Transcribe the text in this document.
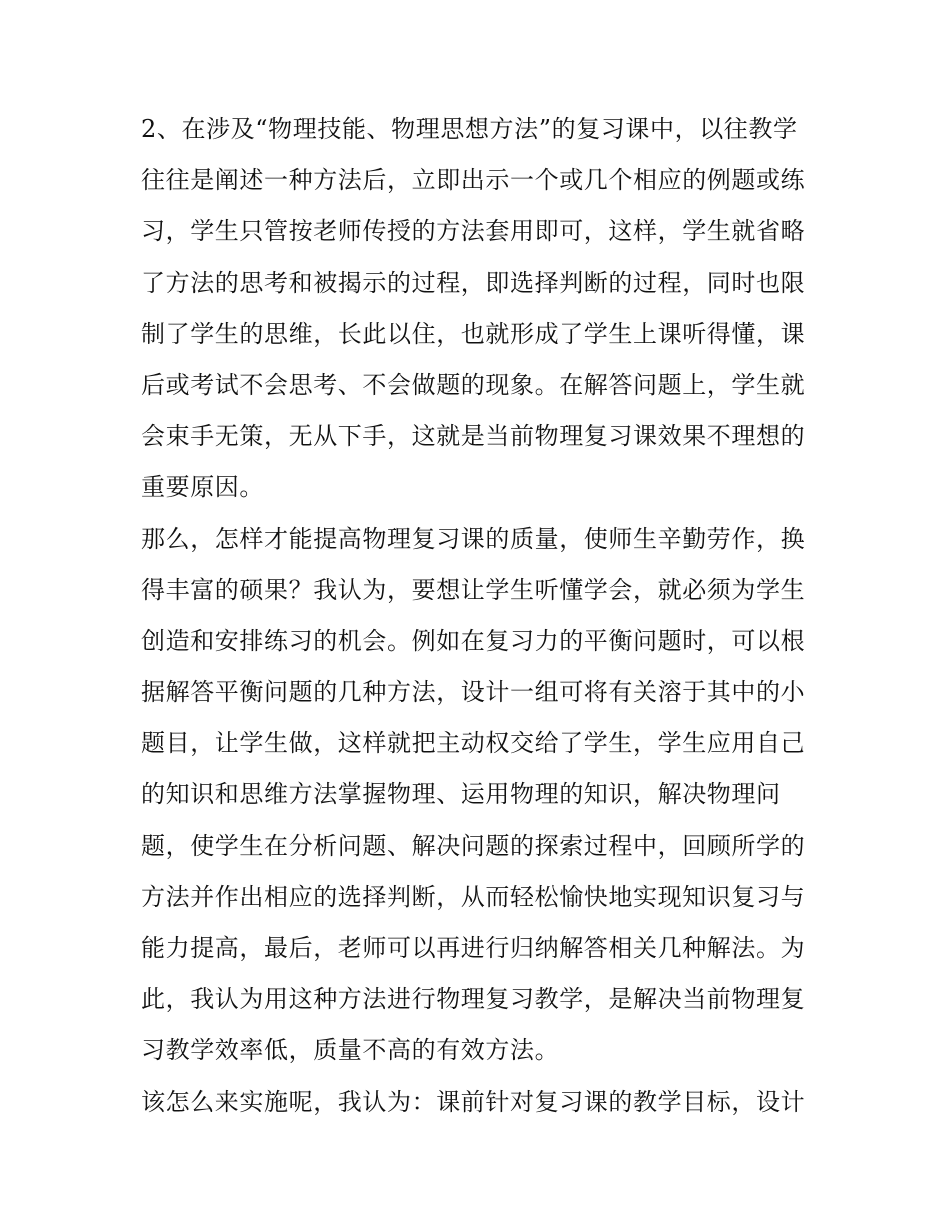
2、在涉及“物理技能、物理思想方法”的复习课中，以往教学
往往是阐述一种方法后，立即出示一个或几个相应的例题或练
习，学生只管按老师传授的方法套用即可，这样，学生就省略
了方法的思考和被揭示的过程，即选择判断的过程，同时也限
制了学生的思维，长此以住，也就形成了学生上课听得懂，课
后或考试不会思考、不会做题的现象。在解答问题上，学生就
会束手无策，无从下手，这就是当前物理复习课效果不理想的
重要原因。
那么，怎样才能提高物理复习课的质量，使师生辛勤劳作，换
得丰富的硕果？我认为，要想让学生听懂学会，就必须为学生
创造和安排练习的机会。例如在复习力的平衡问题时，可以根
据解答平衡问题的几种方法，设计一组可将有关溶于其中的小
题目，让学生做，这样就把主动权交给了学生，学生应用自己
的知识和思维方法掌握物理、运用物理的知识，解决物理问
题，使学生在分析问题、解决问题的探索过程中，回顾所学的
方法并作出相应的选择判断，从而轻松愉快地实现知识复习与
能力提高，最后，老师可以再进行归纳解答相关几种解法。为
此，我认为用这种方法进行物理复习教学，是解决当前物理复
习教学效率低，质量不高的有效方法。
该怎么来实施呢，我认为：课前针对复习课的教学目标，设计
